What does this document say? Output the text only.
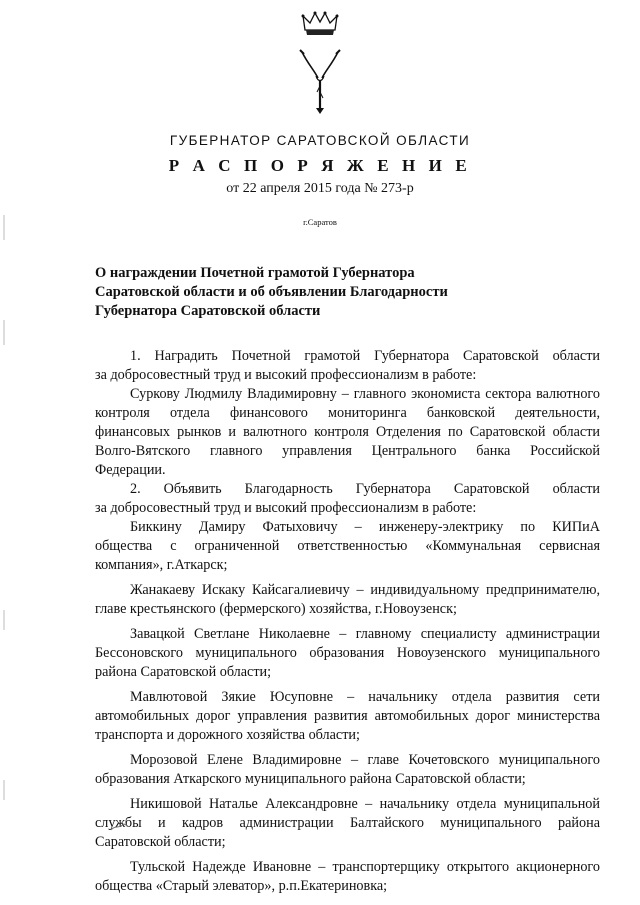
ГУБЕРНАТОР САРАТОВСКОЙ ОБЛАСТИ
Р А С П О Р Я Ж Е Н И Е
от 22 апреля 2015 года № 273-р
г.Саратов
О награждении Почетной грамотой Губернатора
Саратовской области и об объявлении Благодарности
Губернатора Саратовской области
1. Наградить Почетной грамотой Губернатора Саратовской области
за добросовестный труд и высокий профессионализм в работе:
Суркову Людмилу Владимировну – главного экономиста сектора валютного
контроля отдела финансового мониторинга банковской деятельности,
финансовых рынков и валютного контроля Отделения по Саратовской области
Волго-Вятского главного управления Центрального банка Российской
Федерации.
2. Объявить Благодарность Губернатора Саратовской области
за добросовестный труд и высокий профессионализм в работе:
Биккину Дамиру Фатыховичу – инженеру-электрику по КИПиА
общества с ограниченной ответственностью «Коммунальная сервисная
компания», г.Аткарск;
Жанакаеву Искаку Кайсагалиевичу – индивидуальному предпринимателю,
главе крестьянского (фермерского) хозяйства, г.Новоузенск;
Завацкой Светлане Николаевне – главному специалисту администрации
Бессоновского муниципального образования Новоузенского муниципального
района Саратовской области;
Мавлютовой Зякие Юсуповне – начальнику отдела развития сети
автомобильных дорог управления развития автомобильных дорог министерства
транспорта и дорожного хозяйства области;
Морозовой Елене Владимировне – главе Кочетовского муниципального
образования Аткарского муниципального района Саратовской области;
Никишовой Наталье Александровне – начальнику отдела муниципальной
службы и кадров администрации Балтайского муниципального района
Саратовской области;
Тульской Надежде Ивановне – транспортерщику открытого акционерного
общества «Старый элеватор», р.п.Екатериновка;
